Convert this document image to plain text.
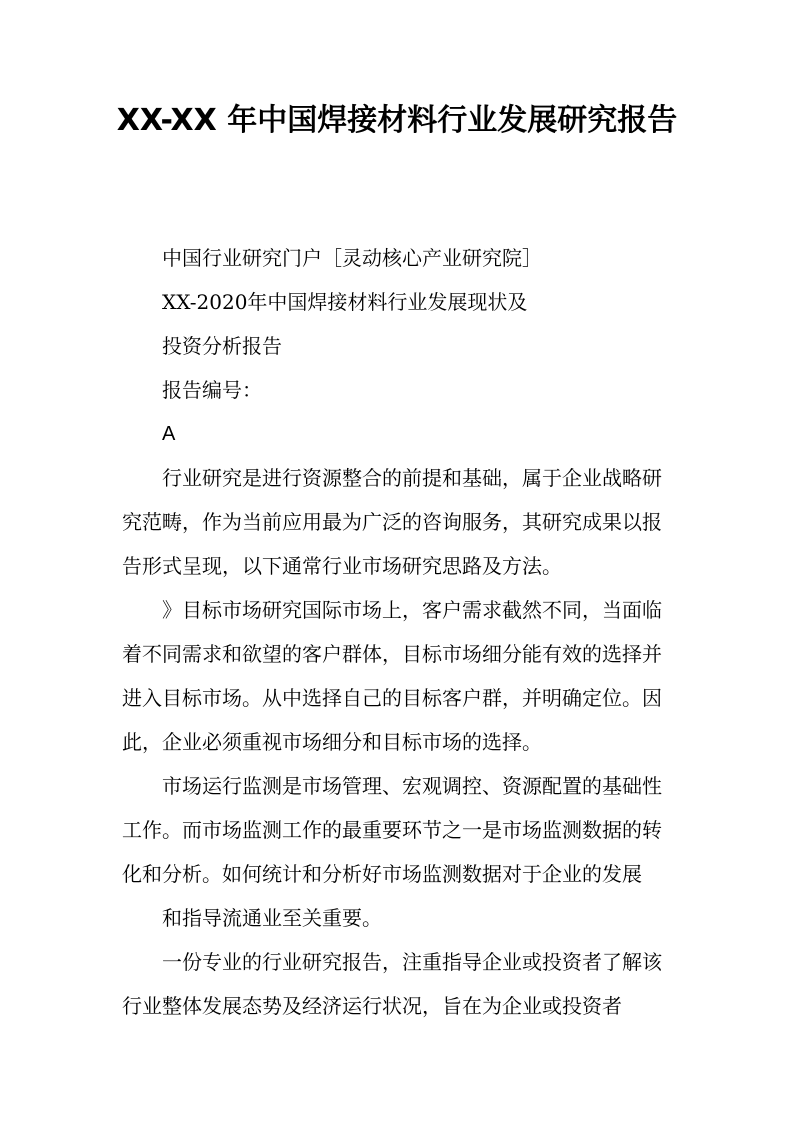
XX-XX 年中国焊接材料行业发展研究报告

中国行业研究门户［灵动核心产业研究院］

XX-2020年中国焊接材料行业发展现状及

投资分析报告

报告编号：

A

行业研究是进行资源整合的前提和基础，属于企业战略研究范畴，作为当前应用最为广泛的咨询服务，其研究成果以报告形式呈现，以下通常行业市场研究思路及方法。

》目标市场研究国际市场上，客户需求截然不同，当面临着不同需求和欲望的客户群体，目标市场细分能有效的选择并进入目标市场。从中选择自己的目标客户群，并明确定位。因此，企业必须重视市场细分和目标市场的选择。

市场运行监测是市场管理、宏观调控、资源配置的基础性工作。而市场监测工作的最重要环节之一是市场监测数据的转化和分析。如何统计和分析好市场监测数据对于企业的发展

和指导流通业至关重要。

一份专业的行业研究报告，注重指导企业或投资者了解该行业整体发展态势及经济运行状况，旨在为企业或投资者
